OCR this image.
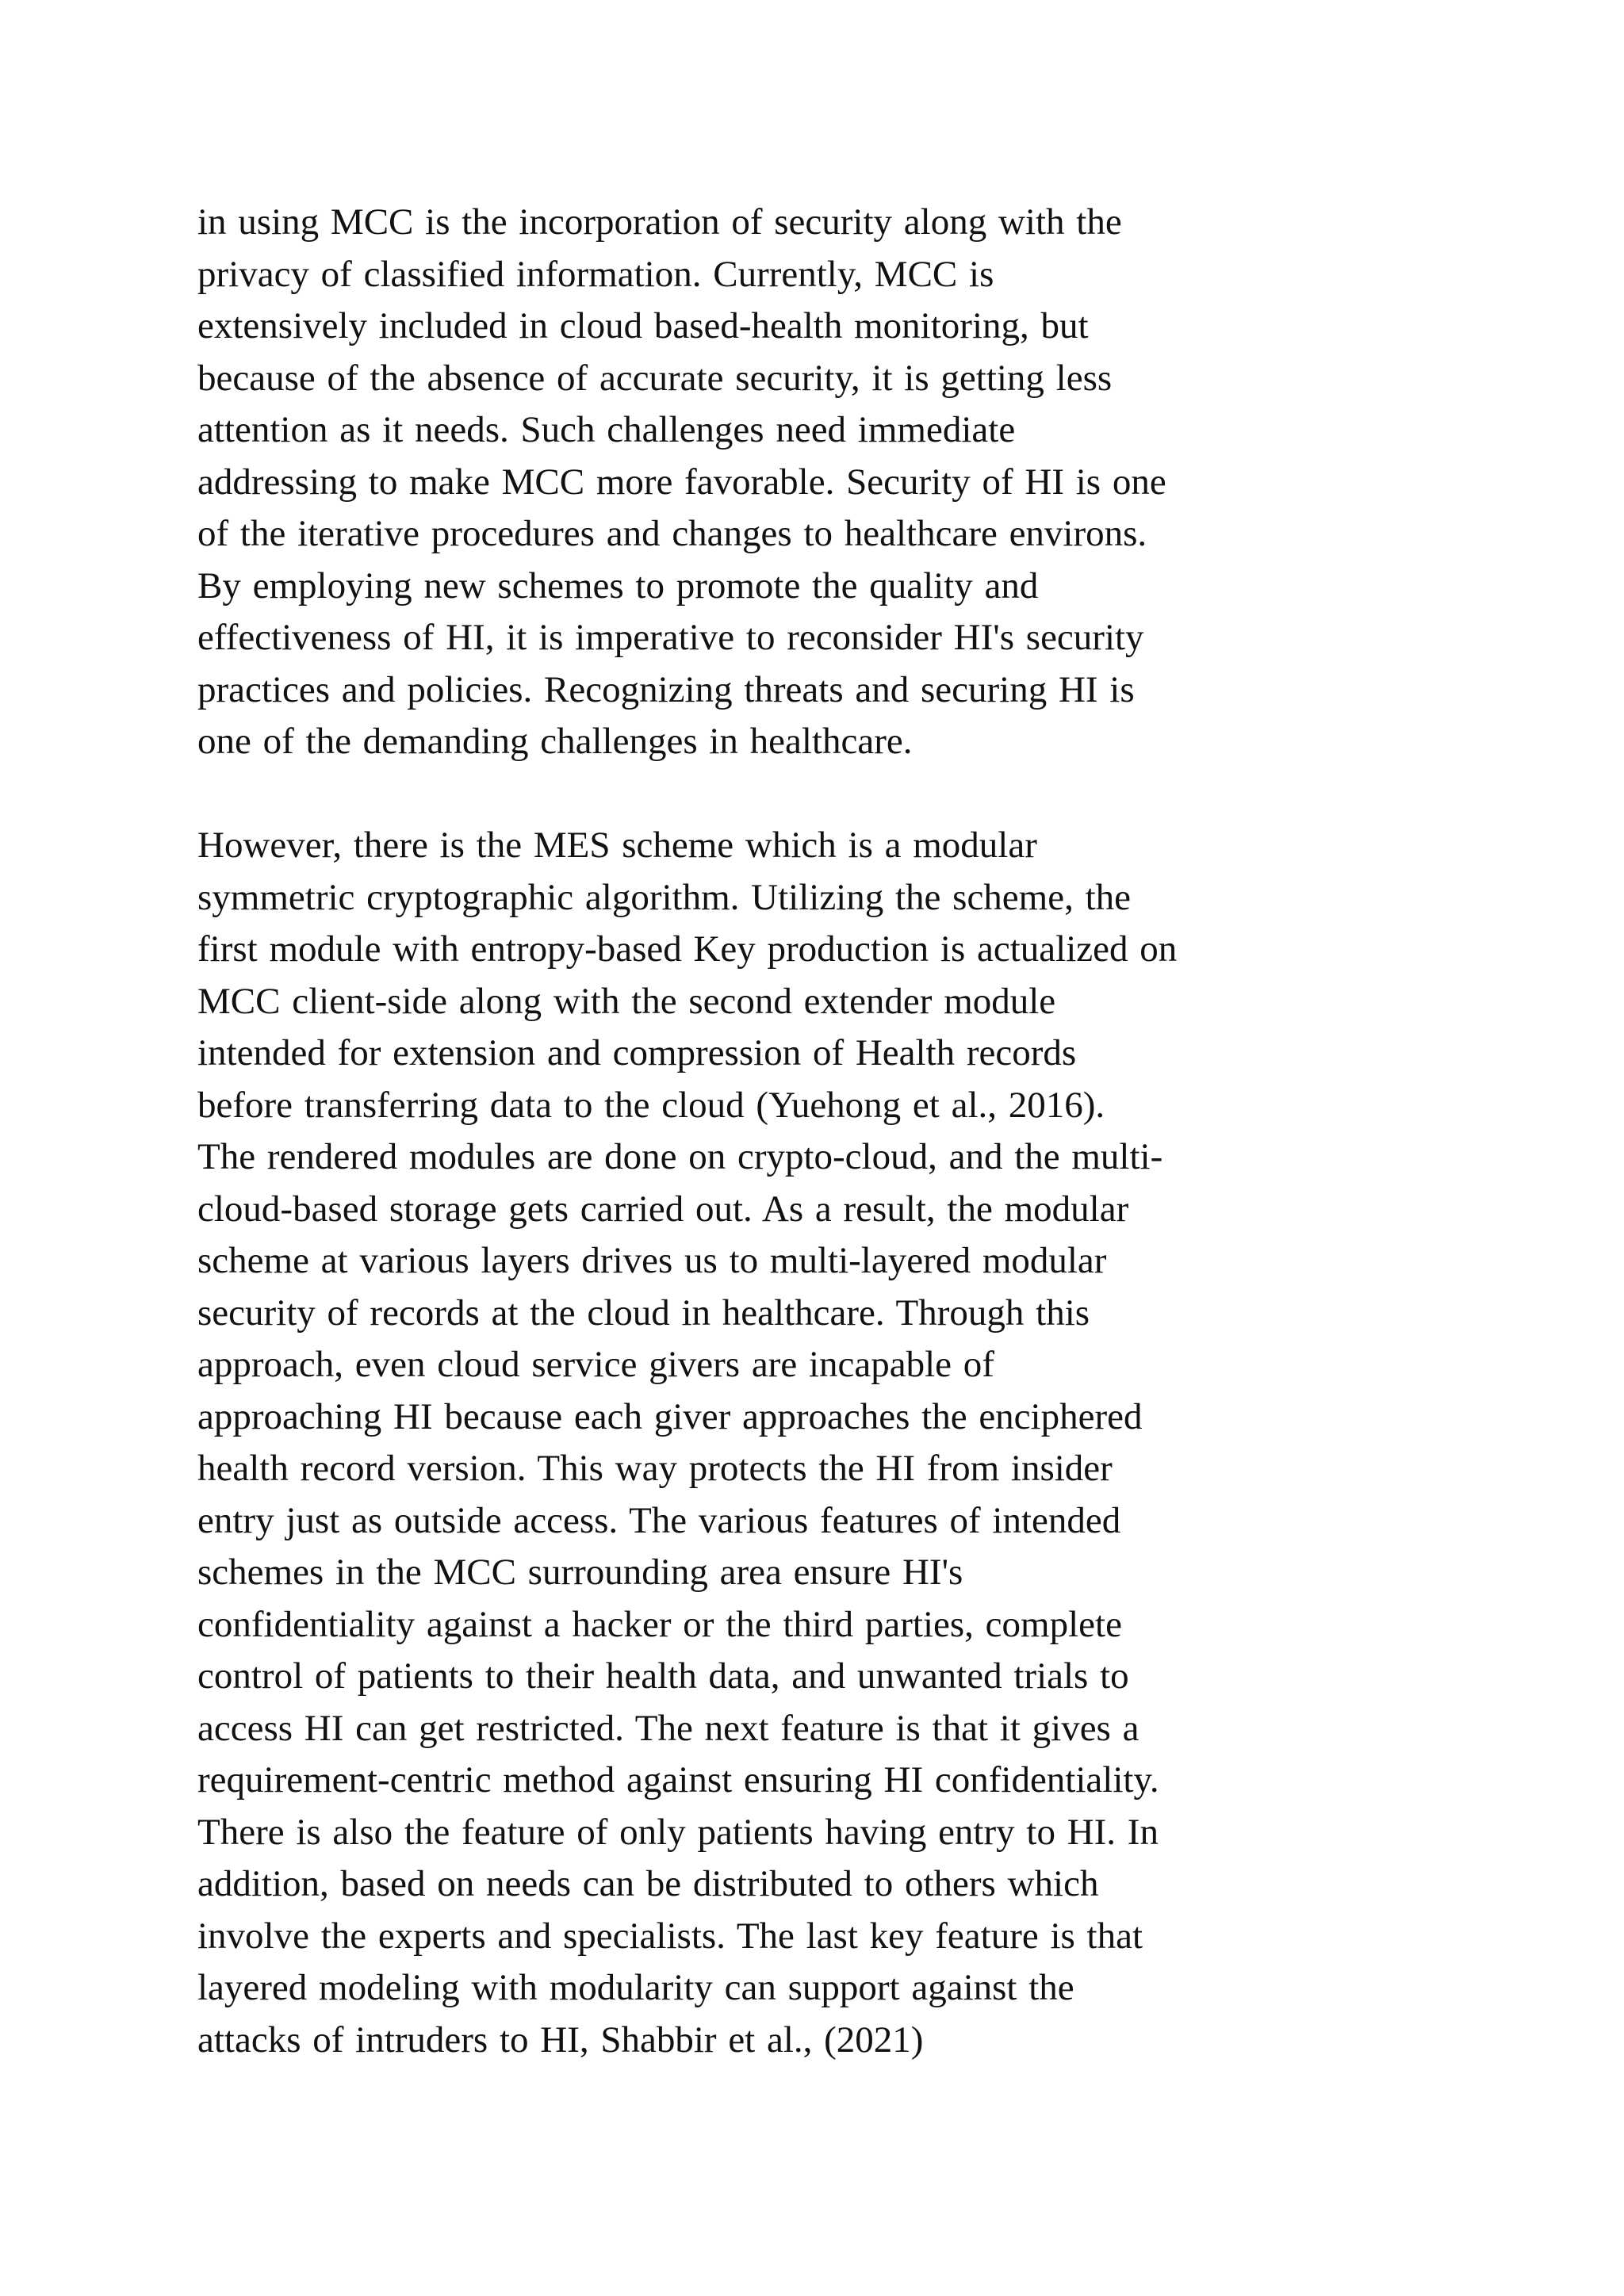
in using MCC is the incorporation of security along with the
privacy of classified information. Currently, MCC is
extensively included in cloud based-health monitoring, but
because of the absence of accurate security, it is getting less
attention as it needs. Such challenges need immediate
addressing to make MCC more favorable. Security of HI is one
of the iterative procedures and changes to healthcare environs.
By employing new schemes to promote the quality and
effectiveness of HI, it is imperative to reconsider HI's security
practices and policies. Recognizing threats and securing HI is
one of the demanding challenges in healthcare.
However, there is the MES scheme which is a modular
symmetric cryptographic algorithm. Utilizing the scheme, the
first module with entropy-based Key production is actualized on
MCC client-side along with the second extender module
intended for extension and compression of Health records
before transferring data to the cloud (Yuehong et al., 2016).
The rendered modules are done on crypto-cloud, and the multi-
cloud-based storage gets carried out. As a result, the modular
scheme at various layers drives us to multi-layered modular
security of records at the cloud in healthcare. Through this
approach, even cloud service givers are incapable of
approaching HI because each giver approaches the enciphered
health record version. This way protects the HI from insider
entry just as outside access. The various features of intended
schemes in the MCC surrounding area ensure HI's
confidentiality against a hacker or the third parties, complete
control of patients to their health data, and unwanted trials to
access HI can get restricted. The next feature is that it gives a
requirement-centric method against ensuring HI confidentiality.
There is also the feature of only patients having entry to HI. In
addition, based on needs can be distributed to others which
involve the experts and specialists. The last key feature is that
layered modeling with modularity can support against the
attacks of intruders to HI, Shabbir et al., (2021)
